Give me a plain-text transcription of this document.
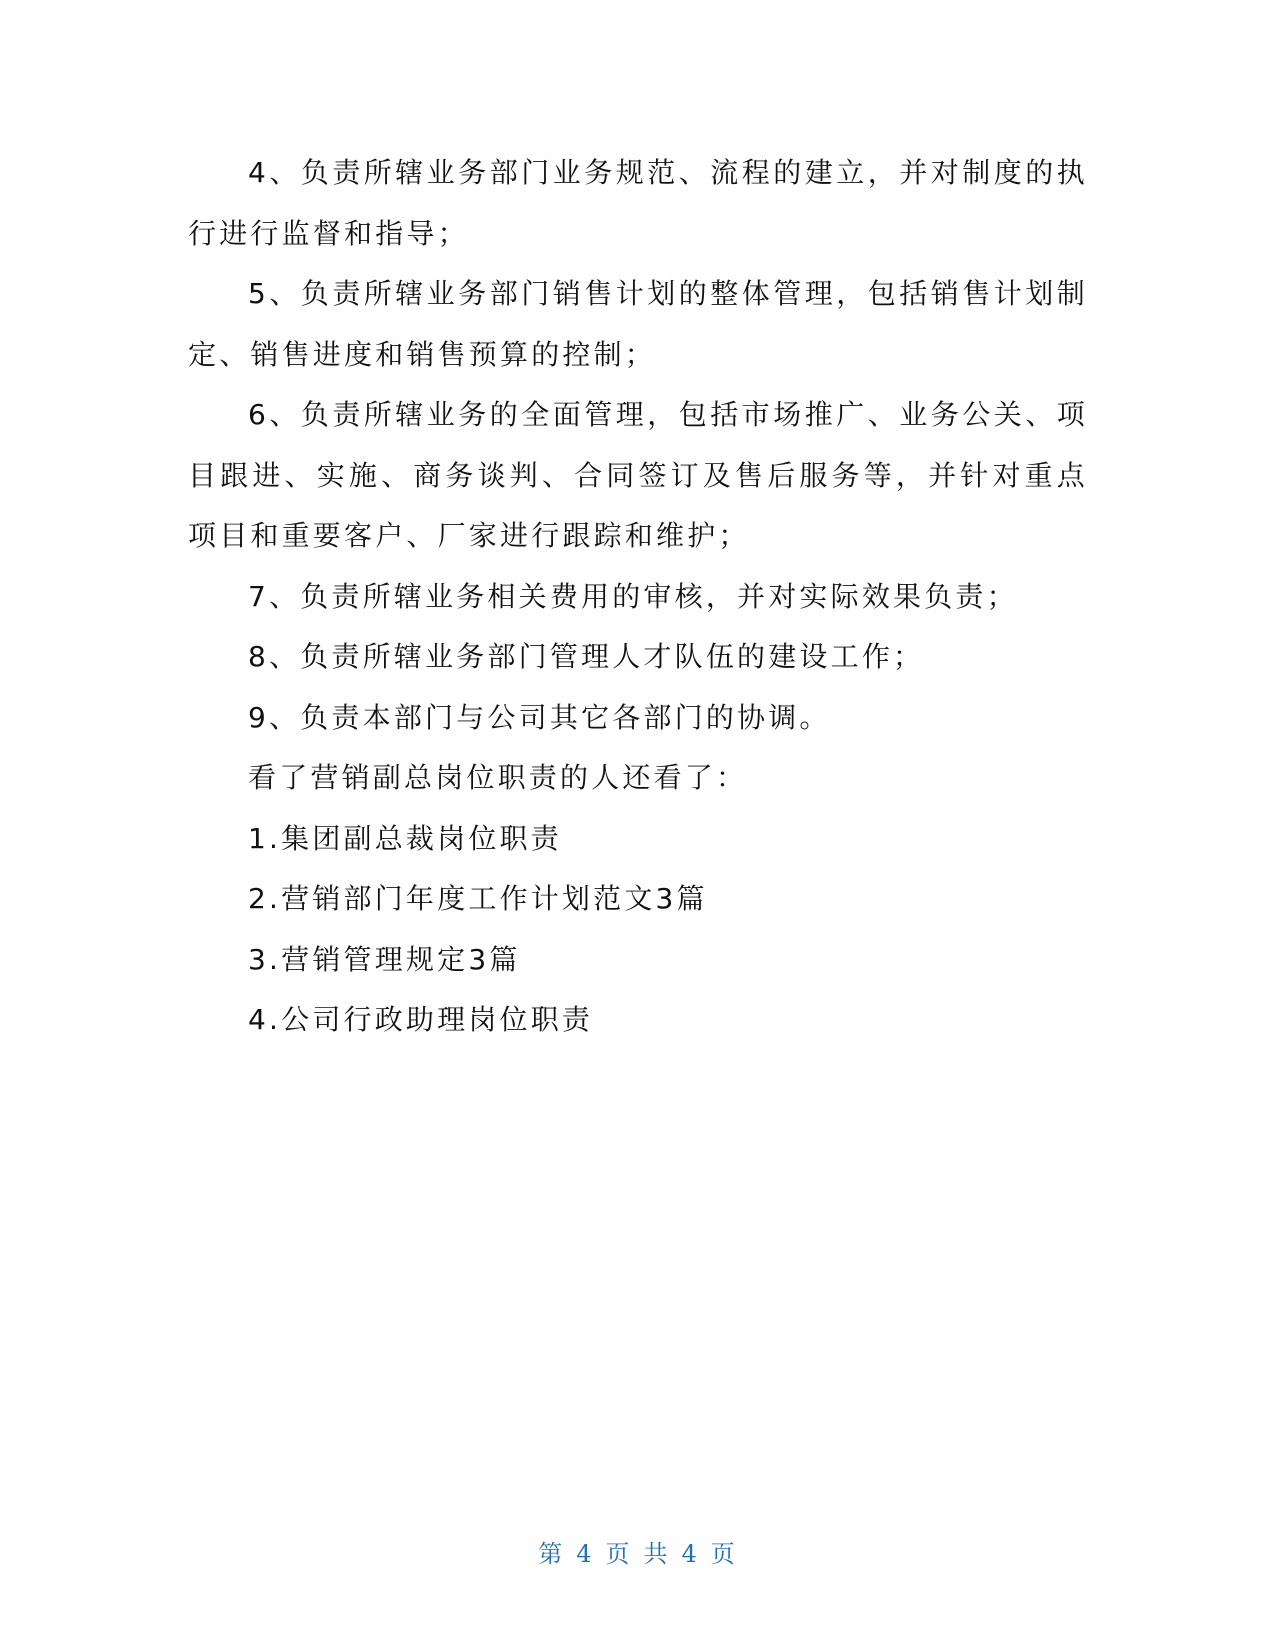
4、负责所辖业务部门业务规范、流程的建立，并对制度的执行进行监督和指导；

5、负责所辖业务部门销售计划的整体管理，包括销售计划制定、销售进度和销售预算的控制；

6、负责所辖业务的全面管理，包括市场推广、业务公关、项目跟进、实施、商务谈判、合同签订及售后服务等，并针对重点项目和重要客户、厂家进行跟踪和维护；

7、负责所辖业务相关费用的审核，并对实际效果负责；

8、负责所辖业务部门管理人才队伍的建设工作；

9、负责本部门与公司其它各部门的协调。

看了营销副总岗位职责的人还看了：

1.集团副总裁岗位职责

2.营销部门年度工作计划范文3篇

3.营销管理规定3篇

4.公司行政助理岗位职责

第 4 页 共 4 页
